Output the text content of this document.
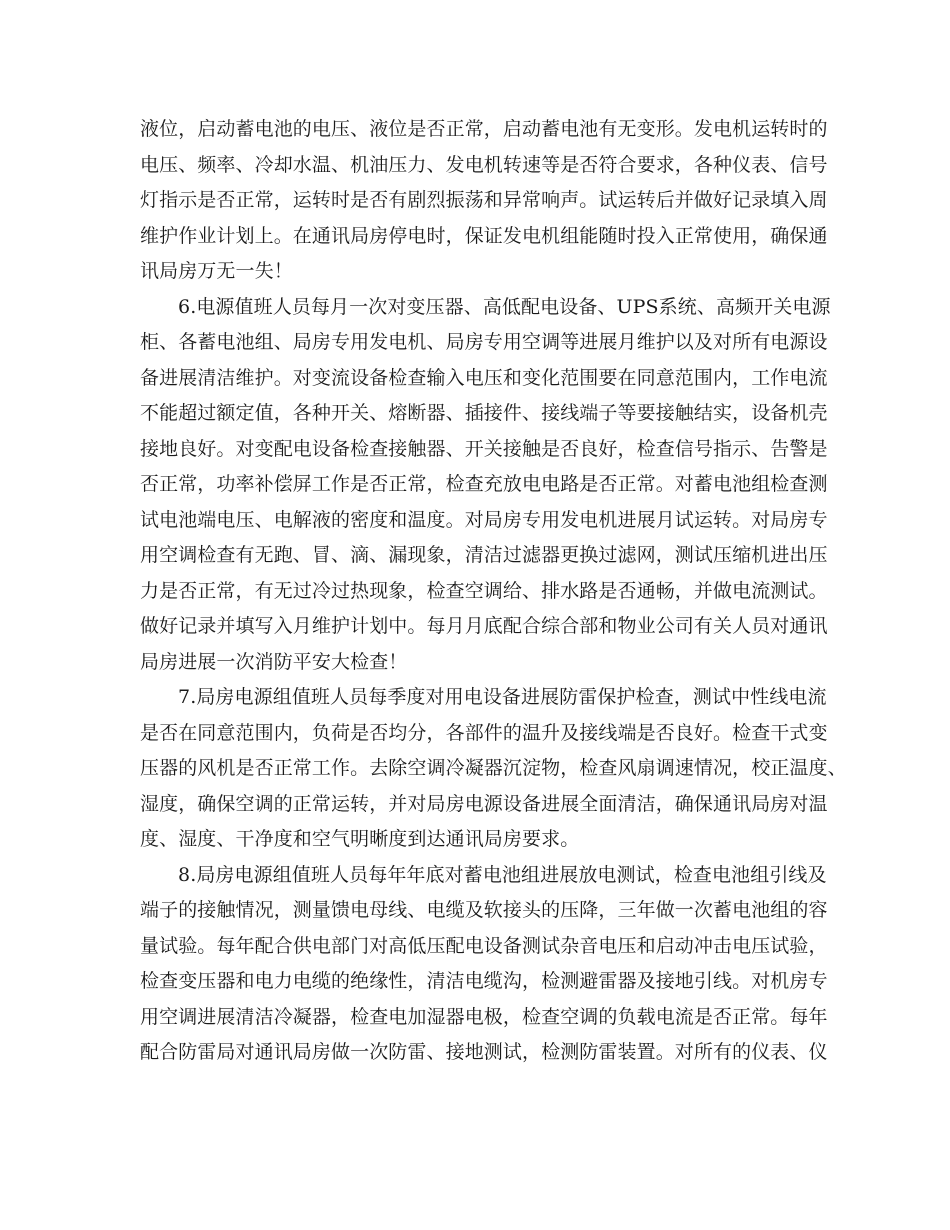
液位，启动蓄电池的电压、液位是否正常，启动蓄电池有无变形。发电机运转时的
电压、频率、冷却水温、机油压力、发电机转速等是否符合要求，各种仪表、信号
灯指示是否正常，运转时是否有剧烈振荡和异常响声。试运转后并做好记录填入周
维护作业计划上。在通讯局房停电时，保证发电机组能随时投入正常使用，确保通
讯局房万无一失！
6.电源值班人员每月一次对变压器、高低配电设备、UPS系统、高频开关电源
柜、各蓄电池组、局房专用发电机、局房专用空调等进展月维护以及对所有电源设
备进展清洁维护。对变流设备检查输入电压和变化范围要在同意范围内，工作电流
不能超过额定值，各种开关、熔断器、插接件、接线端子等要接触结实，设备机壳
接地良好。对变配电设备检查接触器、开关接触是否良好，检查信号指示、告警是
否正常，功率补偿屏工作是否正常，检查充放电电路是否正常。对蓄电池组检查测
试电池端电压、电解液的密度和温度。对局房专用发电机进展月试运转。对局房专
用空调检查有无跑、冒、滴、漏现象，清洁过滤器更换过滤网，测试压缩机进出压
力是否正常，有无过冷过热现象，检查空调给、排水路是否通畅，并做电流测试。
做好记录并填写入月维护计划中。每月月底配合综合部和物业公司有关人员对通讯
局房进展一次消防平安大检查！
7.局房电源组值班人员每季度对用电设备进展防雷保护检查，测试中性线电流
是否在同意范围内，负荷是否均分，各部件的温升及接线端是否良好。检查干式变
压器的风机是否正常工作。去除空调冷凝器沉淀物，检查风扇调速情况，校正温度、
湿度，确保空调的正常运转，并对局房电源设备进展全面清洁，确保通讯局房对温
度、湿度、干净度和空气明晰度到达通讯局房要求。
8.局房电源组值班人员每年年底对蓄电池组进展放电测试，检查电池组引线及
端子的接触情况，测量馈电母线、电缆及软接头的压降，三年做一次蓄电池组的容
量试验。每年配合供电部门对高低压配电设备测试杂音电压和启动冲击电压试验，
检查变压器和电力电缆的绝缘性，清洁电缆沟，检测避雷器及接地引线。对机房专
用空调进展清洁冷凝器，检查电加湿器电极，检查空调的负载电流是否正常。每年
配合防雷局对通讯局房做一次防雷、接地测试，检测防雷装置。对所有的仪表、仪
